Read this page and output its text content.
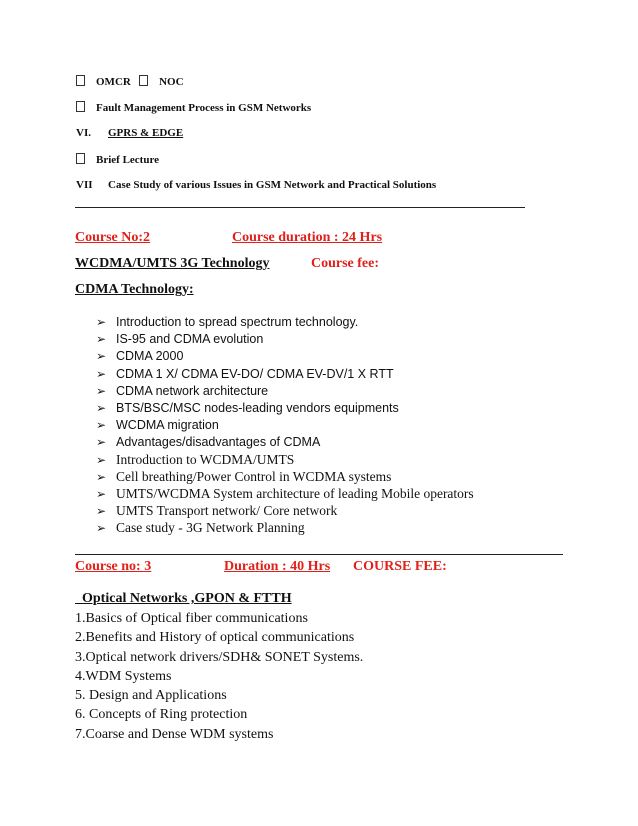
OMCR	NOC
Fault Management Process in GSM Networks
VI. GPRS & EDGE
Brief Lecture
VII Case Study of various Issues in GSM Network and Practical Solutions
Course No:2	Course duration : 24 Hrs
WCDMA/UMTS 3G Technology	Course fee:
CDMA Technology:
➢ Introduction to spread spectrum technology.
➢ IS-95 and CDMA evolution
➢ CDMA 2000
➢ CDMA 1 X/ CDMA EV-DO/ CDMA EV-DV/1 X RTT
➢ CDMA network architecture
➢ BTS/BSC/MSC nodes-leading vendors equipments
➢ WCDMA migration
➢ Advantages/disadvantages of CDMA
➢ Introduction to WCDMA/UMTS
➢ Cell breathing/Power Control in WCDMA systems
➢ UMTS/WCDMA System architecture of leading Mobile operators
➢ UMTS Transport network/ Core network
➢ Case study - 3G Network Planning
Course no: 3	Duration : 40 Hrs COURSE FEE:
Optical Networks ,GPON & FTTH
1.Basics of Optical fiber communications
2.Benefits and History of optical communications
3.Optical network drivers/SDH& SONET Systems.
4.WDM Systems
5. Design and Applications
6. Concepts of Ring protection
7.Coarse and Dense WDM systems
